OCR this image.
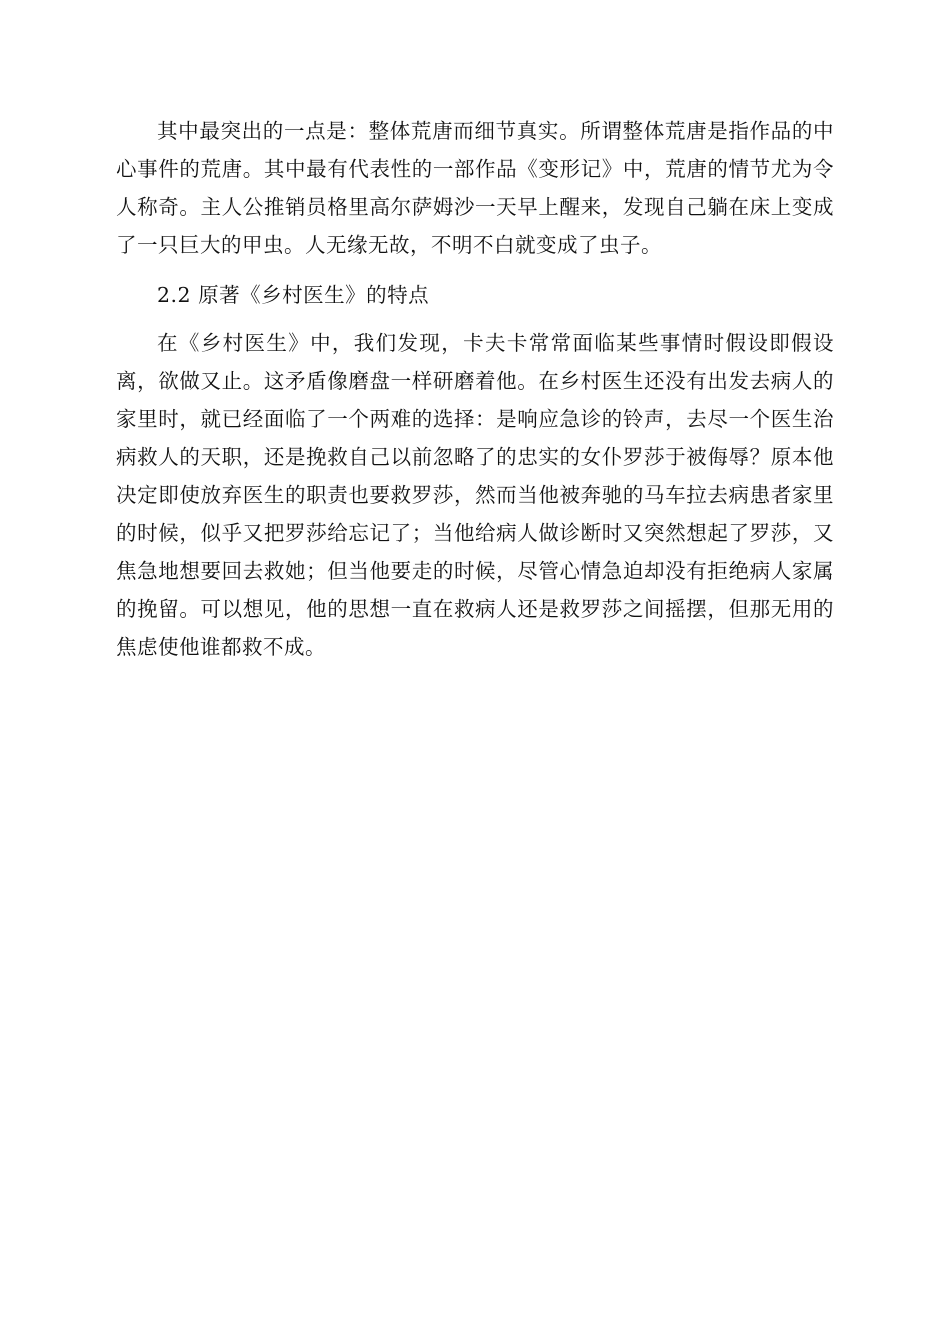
其中最突出的一点是：整体荒唐而细节真实。所谓整体荒唐是指作品的中心事件的荒唐。其中最有代表性的一部作品《变形记》中，荒唐的情节尤为令人称奇。主人公推销员格里高尔萨姆沙一天早上醒来，发现自己躺在床上变成了一只巨大的甲虫。人无缘无故，不明不白就变成了虫子。

2.2 原著《乡村医生》的特点

在《乡村医生》中，我们发现，卡夫卡常常面临某些事情时假设即假设离，欲做又止。这矛盾像磨盘一样研磨着他。在乡村医生还没有出发去病人的家里时，就已经面临了一个两难的选择：是响应急诊的铃声，去尽一个医生治病救人的天职，还是挽救自己以前忽略了的忠实的女仆罗莎于被侮辱？原本他决定即使放弃医生的职责也要救罗莎，然而当他被奔驰的马车拉去病患者家里的时候，似乎又把罗莎给忘记了；当他给病人做诊断时又突然想起了罗莎，又焦急地想要回去救她；但当他要走的时候，尽管心情急迫却没有拒绝病人家属的挽留。可以想见，他的思想一直在救病人还是救罗莎之间摇摆，但那无用的焦虑使他谁都救不成。
